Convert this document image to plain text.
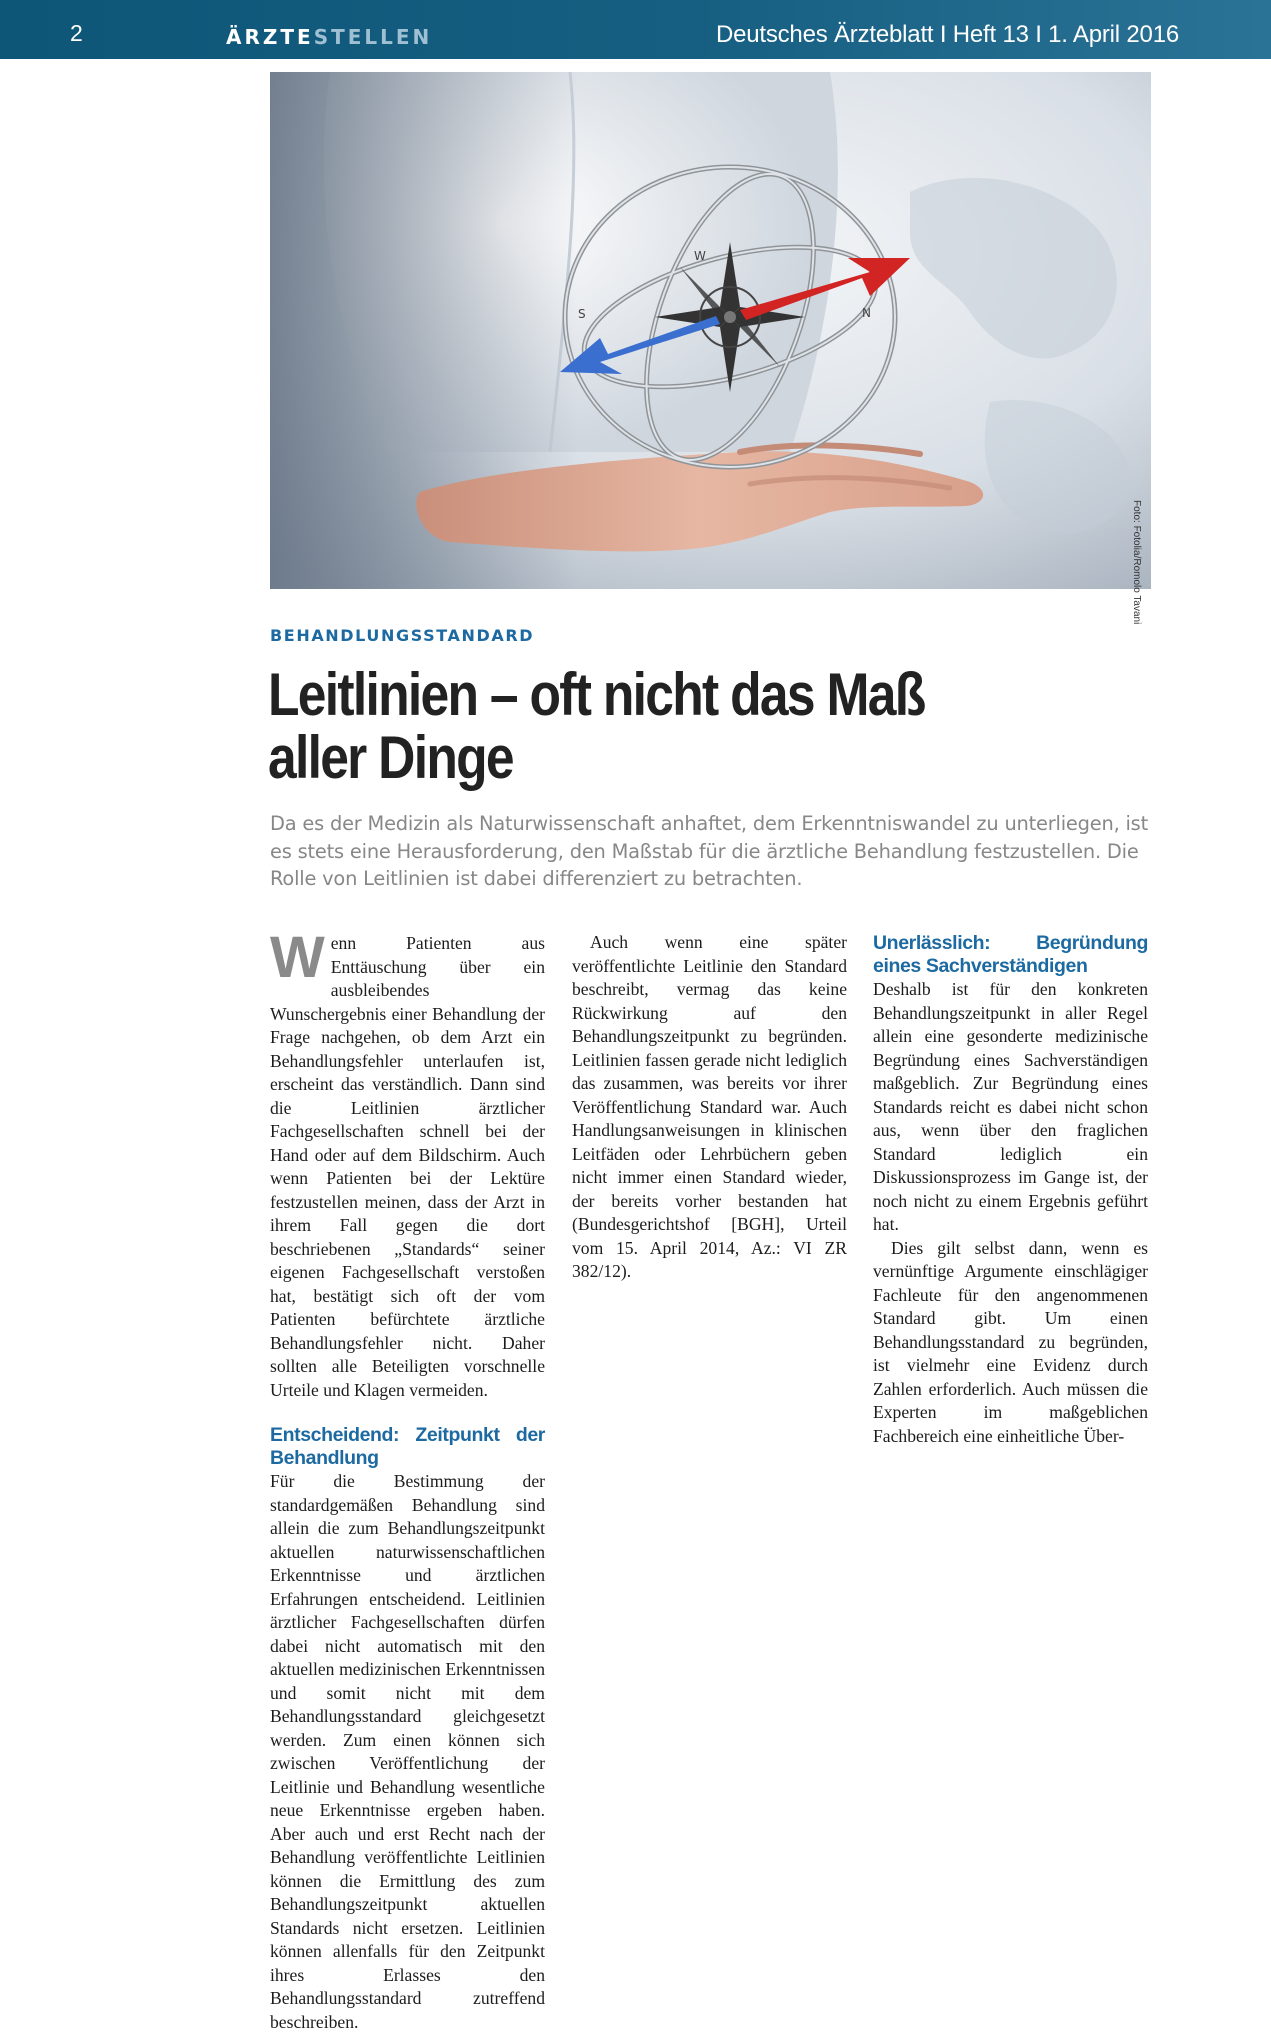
2	ÄRZTESTELLEN	Deutsches Ärzteblatt I Heft 13 I 1. April 2016
W
N
S
Foto: Fotolia/Romolo Tavani
BEHANDLUNGSSTANDARD
Leitlinien – oft nicht das Maß
aller Dinge

Da es der Medizin als Naturwissenschaft anhaftet, dem Erkenntniswandel zu unterliegen, ist es stets eine Herausforderung, den Maßstab für die ärztliche Behandlung festzustellen. Die Rolle von Leitlinien ist dabei differenziert zu betrachten.

Wenn Patienten aus Enttäuschung über ein ausbleibendes Wunschergebnis einer Behandlung der Frage nachgehen, ob dem Arzt ein Behandlungsfehler unterlaufen ist, erscheint das verständlich. Dann sind die Leitlinien ärztlicher Fachgesellschaften schnell bei der Hand oder auf dem Bildschirm. Auch wenn Patienten bei der Lektüre festzustellen meinen, dass der Arzt in ihrem Fall gegen die dort beschriebenen „Standards“ seiner eigenen Fachgesellschaft verstoßen hat, bestätigt sich oft der vom Patienten befürchtete ärztliche Behandlungsfehler nicht. Daher sollten alle Beteiligten vorschnelle Urteile und Klagen vermeiden.

Entscheidend: Zeitpunkt der Behandlung

Für die Bestimmung der standardgemäßen Behandlung sind allein die zum Behandlungszeitpunkt aktuellen naturwissenschaftlichen Erkenntnisse und ärztlichen Erfahrungen entscheidend. Leitlinien ärztlicher Fachgesellschaften dürfen dabei nicht automatisch mit den aktuellen medizinischen Erkenntnissen und somit nicht mit dem Behandlungsstandard gleichgesetzt werden. Zum einen können sich zwischen Veröffentlichung der Leitlinie und Behandlung wesentliche neue Erkenntnisse ergeben haben. Aber auch und erst Recht nach der Behandlung veröffentlichte Leitlinien können die Ermittlung des zum Behandlungszeitpunkt aktuellen Standards nicht ersetzen. Leitlinien können allenfalls für den Zeitpunkt ihres Erlasses den Behandlungsstandard zutreffend beschreiben.

Auch wenn eine später veröffentlichte Leitlinie den Standard beschreibt, vermag das keine Rückwirkung auf den Behandlungszeitpunkt zu begründen. Leitlinien fassen gerade nicht lediglich das zusammen, was bereits vor ihrer Veröffentlichung Standard war. Auch Handlungsanweisungen in klinischen Leitfäden oder Lehrbüchern geben nicht immer einen Standard wieder, der bereits vorher bestanden hat (Bundesgerichtshof [BGH], Urteil vom 15. April 2014, Az.: VI ZR 382/12).

Unerlässlich: Begründung eines Sachverständigen

Deshalb ist für den konkreten Behandlungszeitpunkt in aller Regel allein eine gesonderte medizinische Begründung eines Sachverständigen maßgeblich. Zur Begründung eines Standards reicht es dabei nicht schon aus, wenn über den fraglichen Standard lediglich ein Diskussionsprozess im Gange ist, der noch nicht zu einem Ergebnis geführt hat.

Dies gilt selbst dann, wenn es vernünftige Argumente einschlägiger Fachleute für den angenommenen Standard gibt. Um einen Behandlungsstandard zu begründen, ist vielmehr eine Evidenz durch Zahlen erforderlich. Auch müssen die Experten im maßgeblichen Fachbereich eine einheitliche Über-
